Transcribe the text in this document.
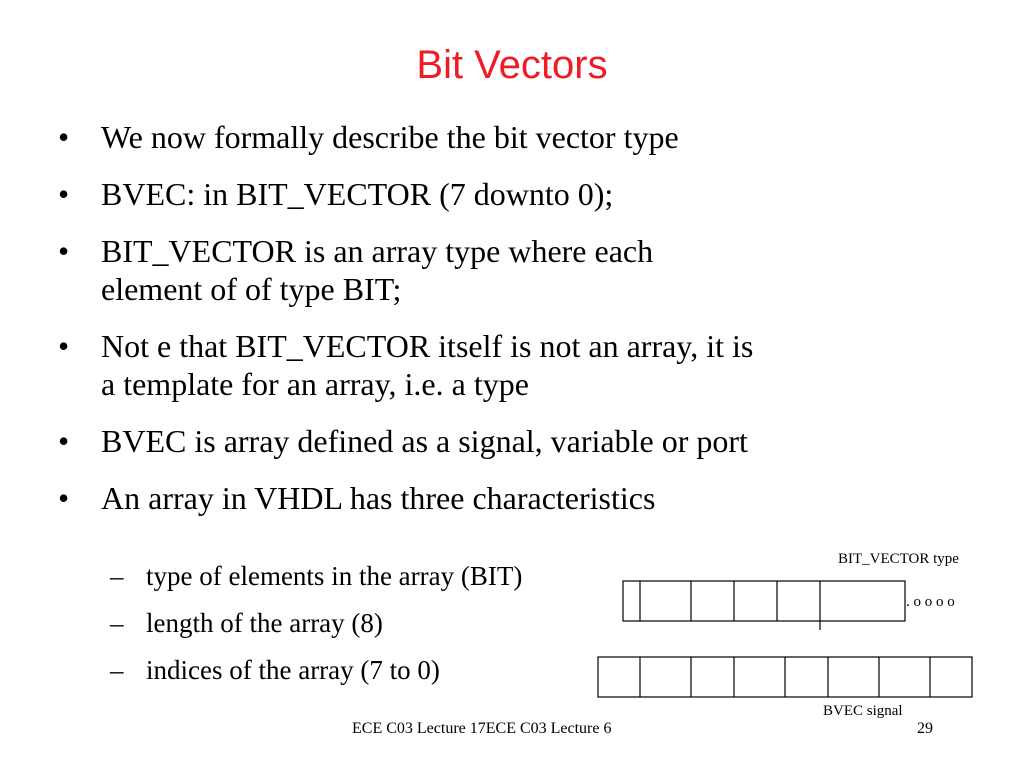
Bit Vectors
• We now formally describe the bit vector type
• BVEC: in BIT_VECTOR (7 downto 0);
• BIT_VECTOR is an array type where each
element of of type BIT;
• Not e that BIT_VECTOR itself is not an array, it is
a template for an array, i.e. a type
• BVEC is array defined as a signal, variable or port
• An array in VHDL has three characteristics
– type of elements in the array (BIT)
– length of the array (8)
– indices of the array (7 to 0)
BIT_VECTOR type
. o o o o
BVEC signal
ECE C03 Lecture 17ECE C03 Lecture 6	29
